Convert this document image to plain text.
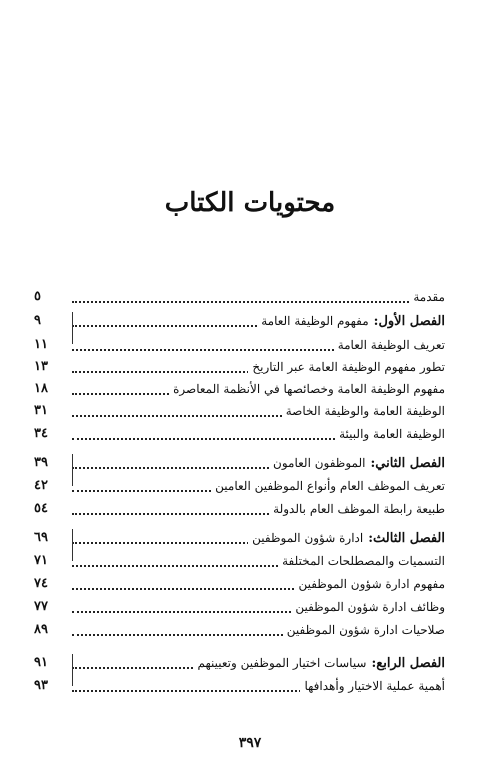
محتويات الكتاب
مقدمة
٥
الفصل الأول:مفهوم الوظيفة العامة
٩
تعريف الوظيفة العامة
١١
تطور مفهوم الوظيفة العامة عبر التاريخ
١٣
مفهوم الوظيفة العامة وخصائصها في الأنظمة المعاصرة
١٨
الوظيفة العامة والوظيفة الخاصة
٣١
الوظيفة العامة والبيئة
٣٤
الفصل الثاني:الموظفون العامون
٣٩
تعريف الموظف العام وأنواع الموظفين العامين
٤٢
طبيعة رابطة الموظف العام بالدولة
٥٤
الفصل الثالث:ادارة شؤون الموظفين
٦٩
التسميات والمصطلحات المختلفة
٧١
مفهوم ادارة شؤون الموظفين
٧٤
وظائف ادارة شؤون الموظفين
٧٧
صلاحيات ادارة شؤون الموظفين
٨٩
الفصل الرابع:سياسات اختيار الموظفين وتعيينهم
٩١
أهمية عملية الاختيار وأهدافها
٩٣
٣٩٧
